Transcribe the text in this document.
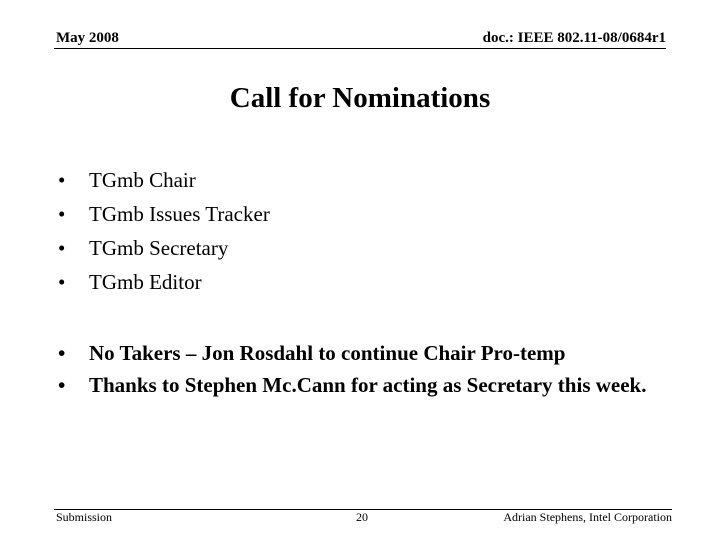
May 2008	doc.: IEEE 802.11-08/0684r1
Call for Nominations
• TGmb Chair
• TGmb Issues Tracker
• TGmb Secretary
• TGmb Editor
• No Takers – Jon Rosdahl to continue Chair Pro-temp
• Thanks to Stephen Mc.Cann for acting as Secretary this week.
Submission	20	Adrian Stephens, Intel Corporation
